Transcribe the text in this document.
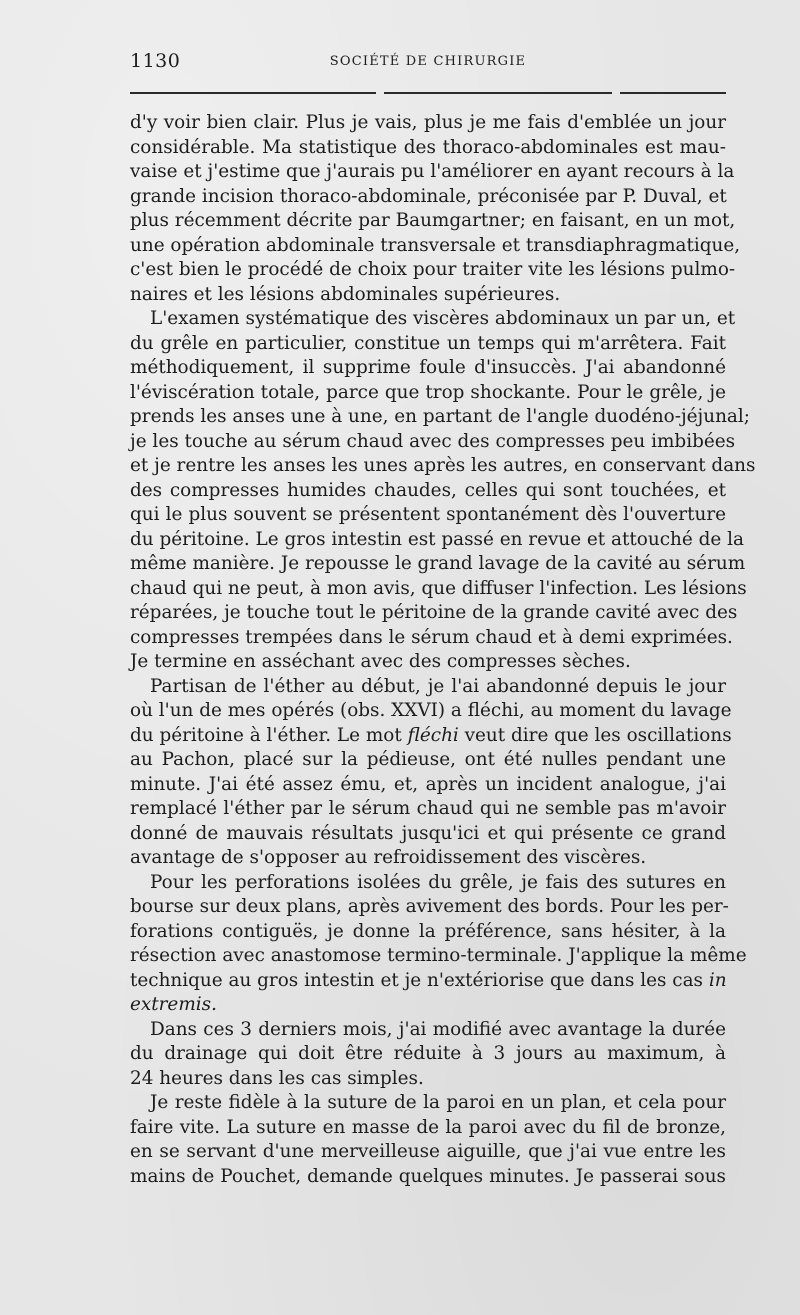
1130	SOCIÉTÉ DE CHIRURGIE
d'y voir bien clair. Plus je vais, plus je me fais d'emblée un jour
considérable. Ma statistique des thoraco-abdominales est mau-
vaise et j'estime que j'aurais pu l'améliorer en ayant recours à la
grande incision thoraco-abdominale, préconisée par P. Duval, et
plus récemment décrite par Baumgartner; en faisant, en un mot,
une opération abdominale transversale et transdiaphragmatique,
c'est bien le procédé de choix pour traiter vite les lésions pulmo-
naires et les lésions abdominales supérieures.
L'examen systématique des viscères abdominaux un par un, et
du grêle en particulier, constitue un temps qui m'arrêtera. Fait
méthodiquement, il supprime foule d'insuccès. J'ai abandonné
l'éviscération totale, parce que trop shockante. Pour le grêle, je
prends les anses une à une, en partant de l'angle duodéno-jéjunal;
je les touche au sérum chaud avec des compresses peu imbibées
et je rentre les anses les unes après les autres, en conservant dans
des compresses humides chaudes, celles qui sont touchées, et
qui le plus souvent se présentent spontanément dès l'ouverture
du péritoine. Le gros intestin est passé en revue et attouché de la
même manière. Je repousse le grand lavage de la cavité au sérum
chaud qui ne peut, à mon avis, que diffuser l'infection. Les lésions
réparées, je touche tout le péritoine de la grande cavité avec des
compresses trempées dans le sérum chaud et à demi exprimées.
Je termine en asséchant avec des compresses sèches.
Partisan de l'éther au début, je l'ai abandonné depuis le jour
où l'un de mes opérés (obs. XXVI) a fléchi, au moment du lavage
du péritoine à l'éther. Le mot fléchi veut dire que les oscillations
au Pachon, placé sur la pédieuse, ont été nulles pendant une
minute. J'ai été assez ému, et, après un incident analogue, j'ai
remplacé l'éther par le sérum chaud qui ne semble pas m'avoir
donné de mauvais résultats jusqu'ici et qui présente ce grand
avantage de s'opposer au refroidissement des viscères.
Pour les perforations isolées du grêle, je fais des sutures en
bourse sur deux plans, après avivement des bords. Pour les per-
forations contiguës, je donne la préférence, sans hésiter, à la
résection avec anastomose termino-terminale. J'applique la même
technique au gros intestin et je n'extériorise que dans les cas in
extremis.
Dans ces 3 derniers mois, j'ai modifié avec avantage la durée
du drainage qui doit être réduite à 3 jours au maximum, à
24 heures dans les cas simples.
Je reste fidèle à la suture de la paroi en un plan, et cela pour
faire vite. La suture en masse de la paroi avec du fil de bronze,
en se servant d'une merveilleuse aiguille, que j'ai vue entre les
mains de Pouchet, demande quelques minutes. Je passerai sous
